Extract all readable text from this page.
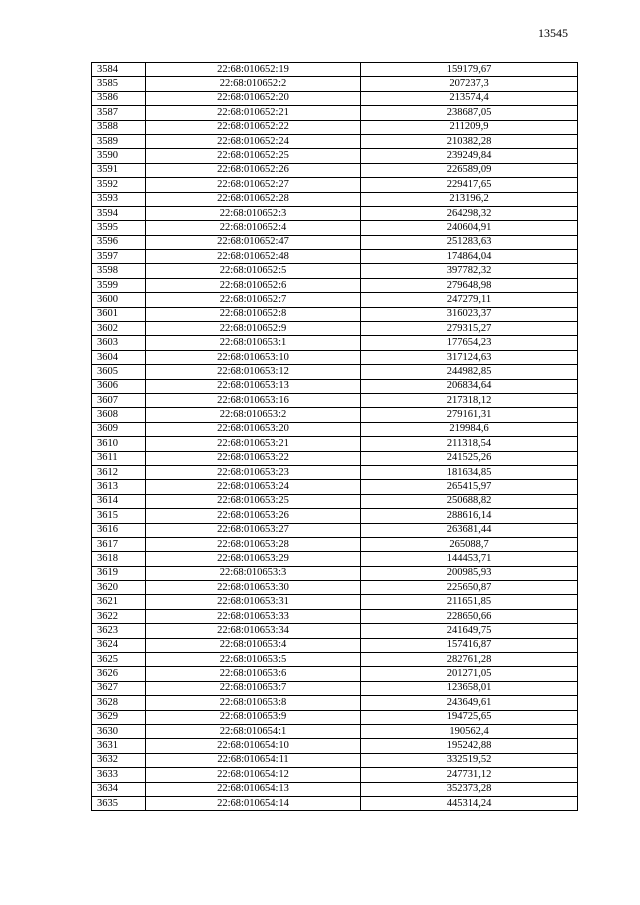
13545
3584	22:68:010652:19	159179,67
3585	22:68:010652:2	207237,3
3586	22:68:010652:20	213574,4
3587	22:68:010652:21	238687,05
3588	22:68:010652:22	211209,9
3589	22:68:010652:24	210382,28
3590	22:68:010652:25	239249,84
3591	22:68:010652:26	226589,09
3592	22:68:010652:27	229417,65
3593	22:68:010652:28	213196,2
3594	22:68:010652:3	264298,32
3595	22:68:010652:4	240604,91
3596	22:68:010652:47	251283,63
3597	22:68:010652:48	174864,04
3598	22:68:010652:5	397782,32
3599	22:68:010652:6	279648,98
3600	22:68:010652:7	247279,11
3601	22:68:010652:8	316023,37
3602	22:68:010652:9	279315,27
3603	22:68:010653:1	177654,23
3604	22:68:010653:10	317124,63
3605	22:68:010653:12	244982,85
3606	22:68:010653:13	206834,64
3607	22:68:010653:16	217318,12
3608	22:68:010653:2	279161,31
3609	22:68:010653:20	219984,6
3610	22:68:010653:21	211318,54
3611	22:68:010653:22	241525,26
3612	22:68:010653:23	181634,85
3613	22:68:010653:24	265415,97
3614	22:68:010653:25	250688,82
3615	22:68:010653:26	288616,14
3616	22:68:010653:27	263681,44
3617	22:68:010653:28	265088,7
3618	22:68:010653:29	144453,71
3619	22:68:010653:3	200985,93
3620	22:68:010653:30	225650,87
3621	22:68:010653:31	211651,85
3622	22:68:010653:33	228650,66
3623	22:68:010653:34	241649,75
3624	22:68:010653:4	157416,87
3625	22:68:010653:5	282761,28
3626	22:68:010653:6	201271,05
3627	22:68:010653:7	123658,01
3628	22:68:010653:8	243649,61
3629	22:68:010653:9	194725,65
3630	22:68:010654:1	190562,4
3631	22:68:010654:10	195242,88
3632	22:68:010654:11	332519,52
3633	22:68:010654:12	247731,12
3634	22:68:010654:13	352373,28
3635	22:68:010654:14	445314,24
